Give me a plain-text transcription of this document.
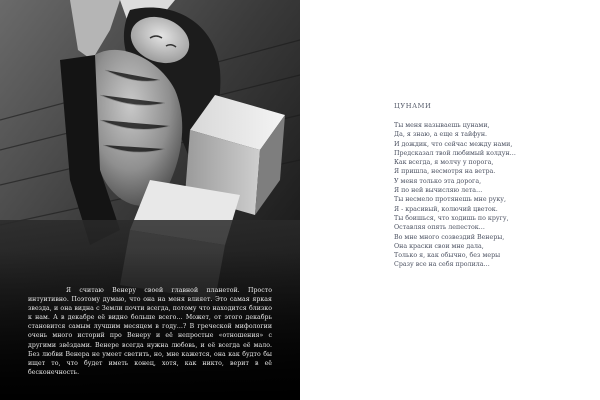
Я считаю Венеру своей главной планетой. Просто интуитивно. Поэтому думаю, что она на меня влияет. Это самая яркая звезда, и она видна с Земли почти всегда, потому что находится близко к нам. А в декабре её видно больше всего… Может, от этого декабрь становится самым лучшим месяцем в году…? В греческой мифологии очень много историй про Венеру и её непростые «отношения» с другими звёздами. Венере всегда нужна любовь, и её всегда её мало. Без любви Венера не умеет светить, но, мне кажется, она как будто бы ищет то, что будет иметь конец, хотя, как никто, верит в её бесконечность.

ЦУНАМИ
Ты меня называешь цунами,
Да, я знаю, а еще я тайфун.
И дождик, что сейчас между нами,
Предсказал твой любимый колдун…
Как всегда, я молчу у порога,
Я пришла, несмотря на ветра.
У меня только эта дорога,
Я по ней вычисляю лета…
Ты несмело протянешь мне руку,
Я - красивый, колючий цветок.
Ты боишься, что ходишь по кругу,
Оставляя опять лепесток…
Во мне много созвездий Венеры,
Она краски свои мне дала,
Только я, как обычно, без меры
Сразу все на себя пролила…
